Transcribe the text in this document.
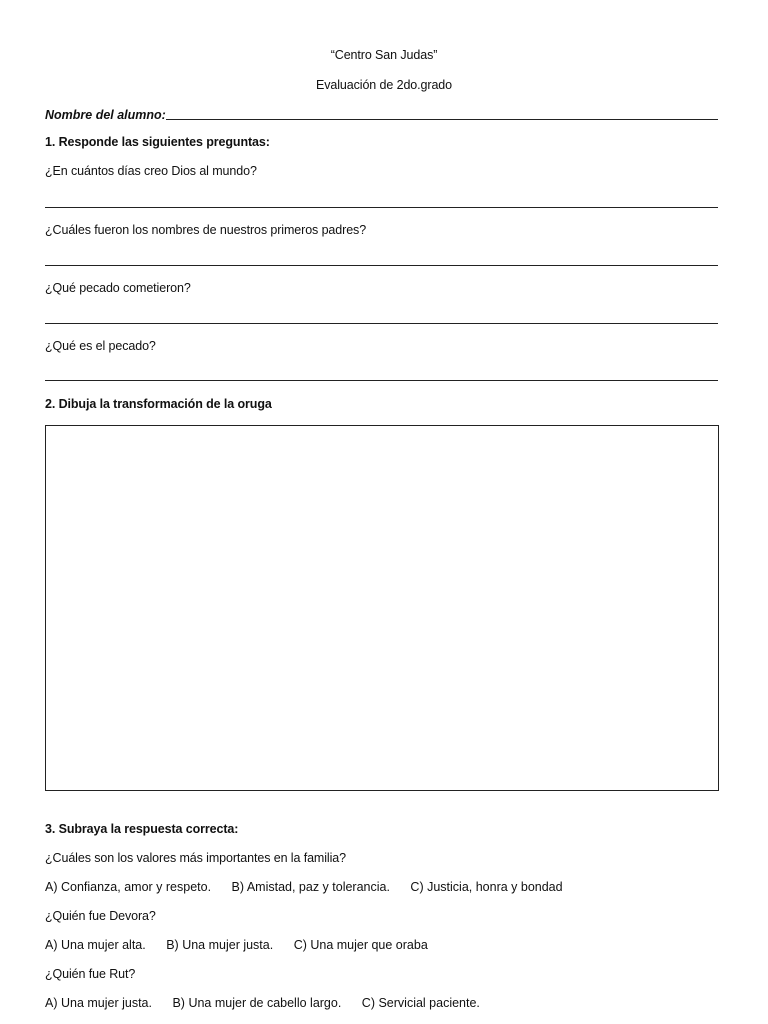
“Centro San Judas”
Evaluación de 2do.grado
Nombre del alumno:
1. Responde las siguientes preguntas:
¿En cuántos días creo Dios al mundo?
¿Cuáles fueron los nombres de nuestros primeros padres?
¿Qué pecado cometieron?
¿Qué es el pecado?
2. Dibuja la transformación de la oruga
3. Subraya la respuesta correcta:
¿Cuáles son los valores más importantes en la familia?
A) Confianza, amor y respeto. B) Amistad, paz y tolerancia. C) Justicia, honra y bondad
¿Quién fue Devora?
A) Una mujer alta. B) Una mujer justa. C) Una mujer que oraba
¿Quién fue Rut?
A) Una mujer justa. B) Una mujer de cabello largo. C) Servicial paciente.
